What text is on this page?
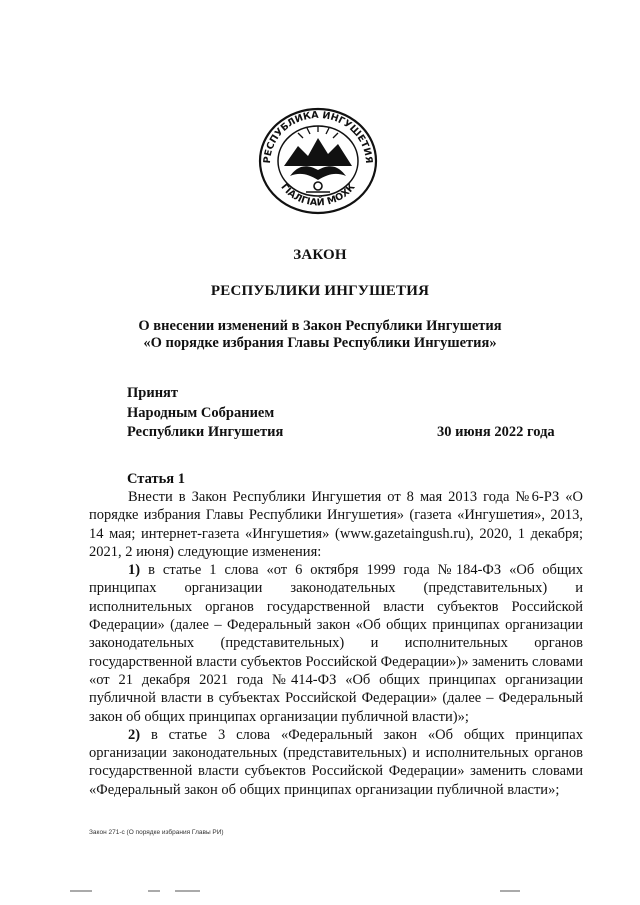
РЕСПУБЛИКА ИНГУШЕТИЯ
ГIАЛГIАЙ МОХК
ЗАКОН
РЕСПУБЛИКИ ИНГУШЕТИЯ
О внесении изменений в Закон Республики Ингушетия
«О порядке избрания Главы Республики Ингушетия»
Принят
Народным Собранием
Республики Ингушетия	30 июня 2022 года
Статья 1

Внести в Закон Республики Ингушетия от 8 мая 2013 года №6-РЗ «О порядке избрания Главы Республики Ингушетия» (газета «Ингушетия», 2013, 14 мая; интернет-газета «Ингушетия» (www.gazetaingush.ru), 2020, 1 декабря; 2021, 2 июня) следующие изменения:

1) в статье 1 слова «от 6 октября 1999 года №184-ФЗ «Об общих принципах организации законодательных (представительных) и исполнительных органов государственной власти субъектов Российской Федерации» (далее – Федеральный закон «Об общих принципах организации законодательных (представительных) и исполнительных органов государственной власти субъектов Российской Федерации»)» заменить словами «от 21 декабря 2021 года №414-ФЗ «Об общих принципах организации публичной власти в субъектах Российской Федерации» (далее – Федеральный закон об общих принципах организации публичной власти)»;

2) в статье 3 слова «Федеральный закон «Об общих принципах организации законодательных (представительных) и исполнительных органов государственной власти субъектов Российской Федерации» заменить словами «Федеральный закон об общих принципах организации публичной власти»;

Закон 271-с (О порядке избрания Главы РИ)
